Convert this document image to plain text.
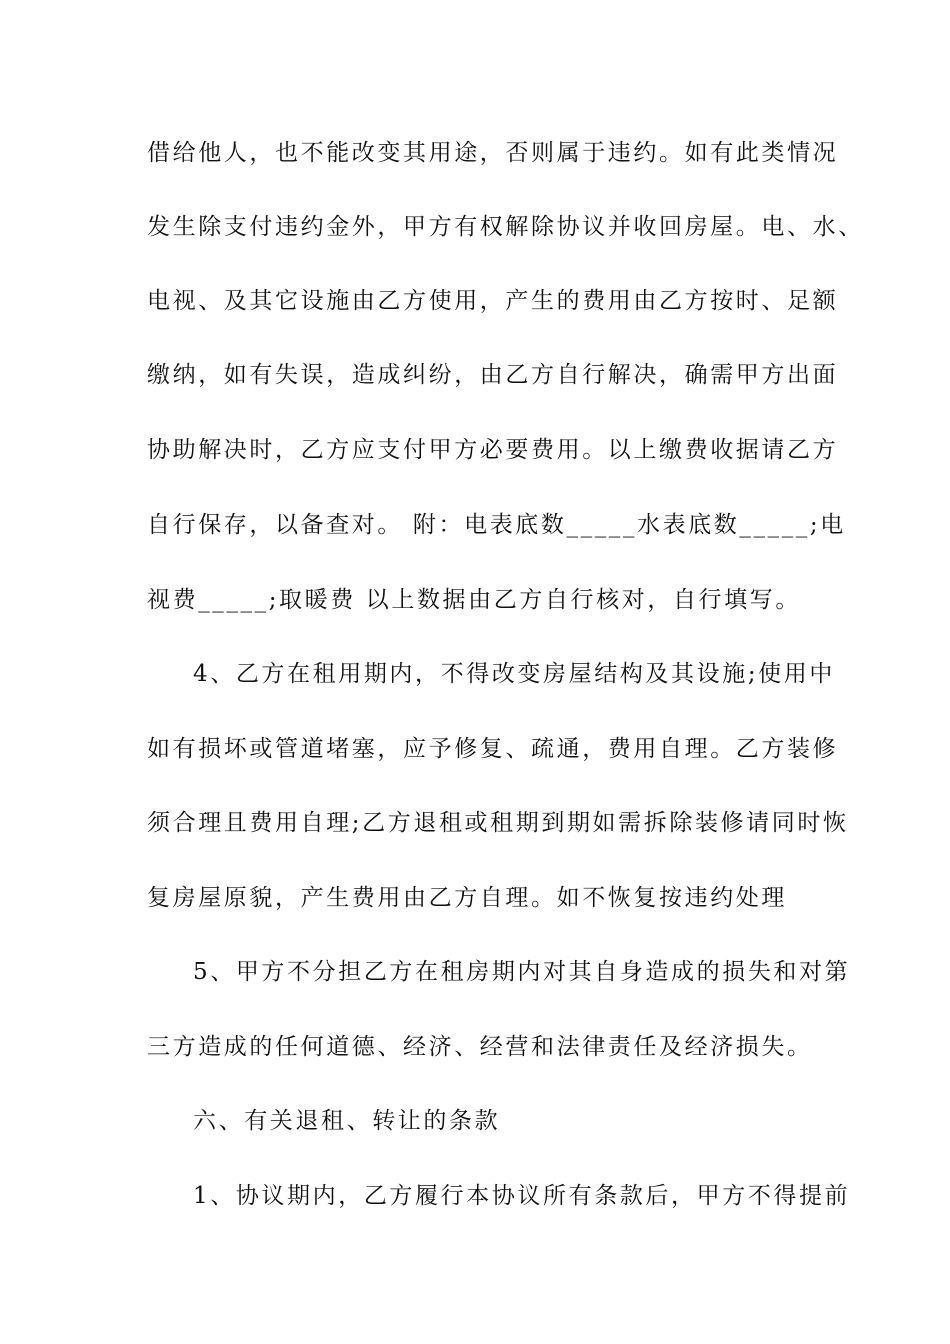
借给他人，也不能改变其用途，否则属于违约。如有此类情况
发生除支付违约金外，甲方有权解除协议并收回房屋。电、水、
电视、及其它设施由乙方使用，产生的费用由乙方按时、足额
缴纳，如有失误，造成纠纷，由乙方自行解决，确需甲方出面
协助解决时，乙方应支付甲方必要费用。以上缴费收据请乙方
自行保存，以备查对。 附：电表底数_____水表底数_____;电
视费_____;取暖费 以上数据由乙方自行核对，自行填写。
4、乙方在租用期内，不得改变房屋结构及其设施;使用中
如有损坏或管道堵塞，应予修复、疏通，费用自理。乙方装修
须合理且费用自理;乙方退租或租期到期如需拆除装修请同时恢
复房屋原貌，产生费用由乙方自理。如不恢复按违约处理
5、甲方不分担乙方在租房期内对其自身造成的损失和对第
三方造成的任何道德、经济、经营和法律责任及经济损失。
六、有关退租、转让的条款
1、协议期内，乙方履行本协议所有条款后，甲方不得提前
